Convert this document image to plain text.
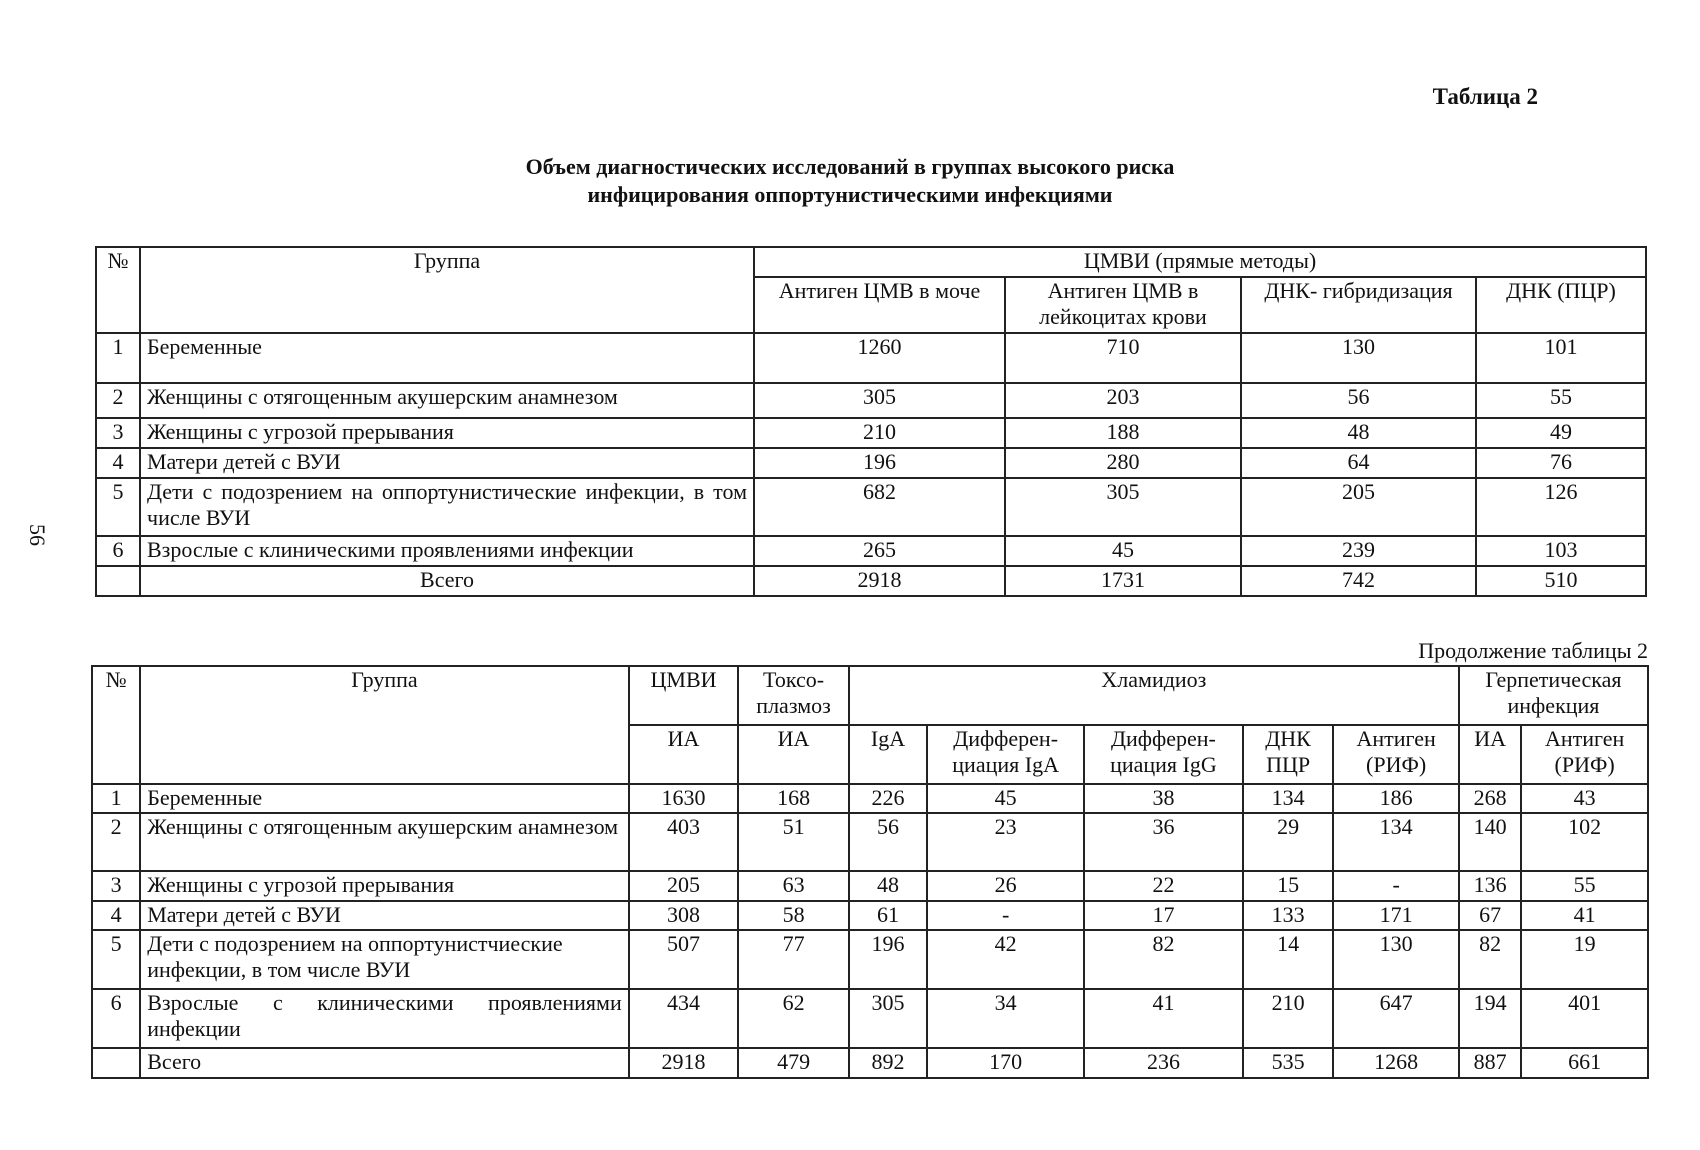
56
Таблица 2
Объем диагностических исследований в группах высокого риска
инфицирования оппортунистическими инфекциями
№	Группа	ЦМВИ (прямые методы)			
		Антиген ЦМВ в моче	Антиген ЦМВ в лейкоцитах крови	ДНК- гибридизация	ДНК (ПЦР)
1	Беременные	1260	710	130	101
2	Женщины с отягощенным акушерским анамнезом	305	203	56	55
3	Женщины с угрозой прерывания	210	188	48	49
4	Матери детей с ВУИ	196	280	64	76
5	Дети с подозрением на оппортунистические инфекции, в том числе ВУИ	682	305	205	126
6	Взрослые с клиническими проявлениями инфекции	265	45	239	103
	Всего	2918	1731	742	510
Продолжение таблицы 2
№	Группа	ЦМВИ	Токсо-плазмоз	Хламидиоз					Герпетическая инфекция	
		ИА	ИА	IgA	Дифферен-циация IgA	Дифферен-циация IgG	ДНК ПЦР	Антиген (РИФ)	ИА	Антиген (РИФ)
1	Беременные	1630	168	226	45	38	134	186	268	43
2	Женщины с отягощенным акушерским анамнезом	403	51	56	23	36	29	134	140	102
3	Женщины с угрозой прерывания	205	63	48	26	22	15	-	136	55
4	Матери детей с ВУИ	308	58	61	-	17	133	171	67	41
5	Дети с подозрением на оппортунистчиеские инфекции, в том числе ВУИ	507	77	196	42	82	14	130	82	19
6	Взрослые с клиническими проявлениями инфекции	434	62	305	34	41	210	647	194	401
	Всего	2918	479	892	170	236	535	1268	887	661
